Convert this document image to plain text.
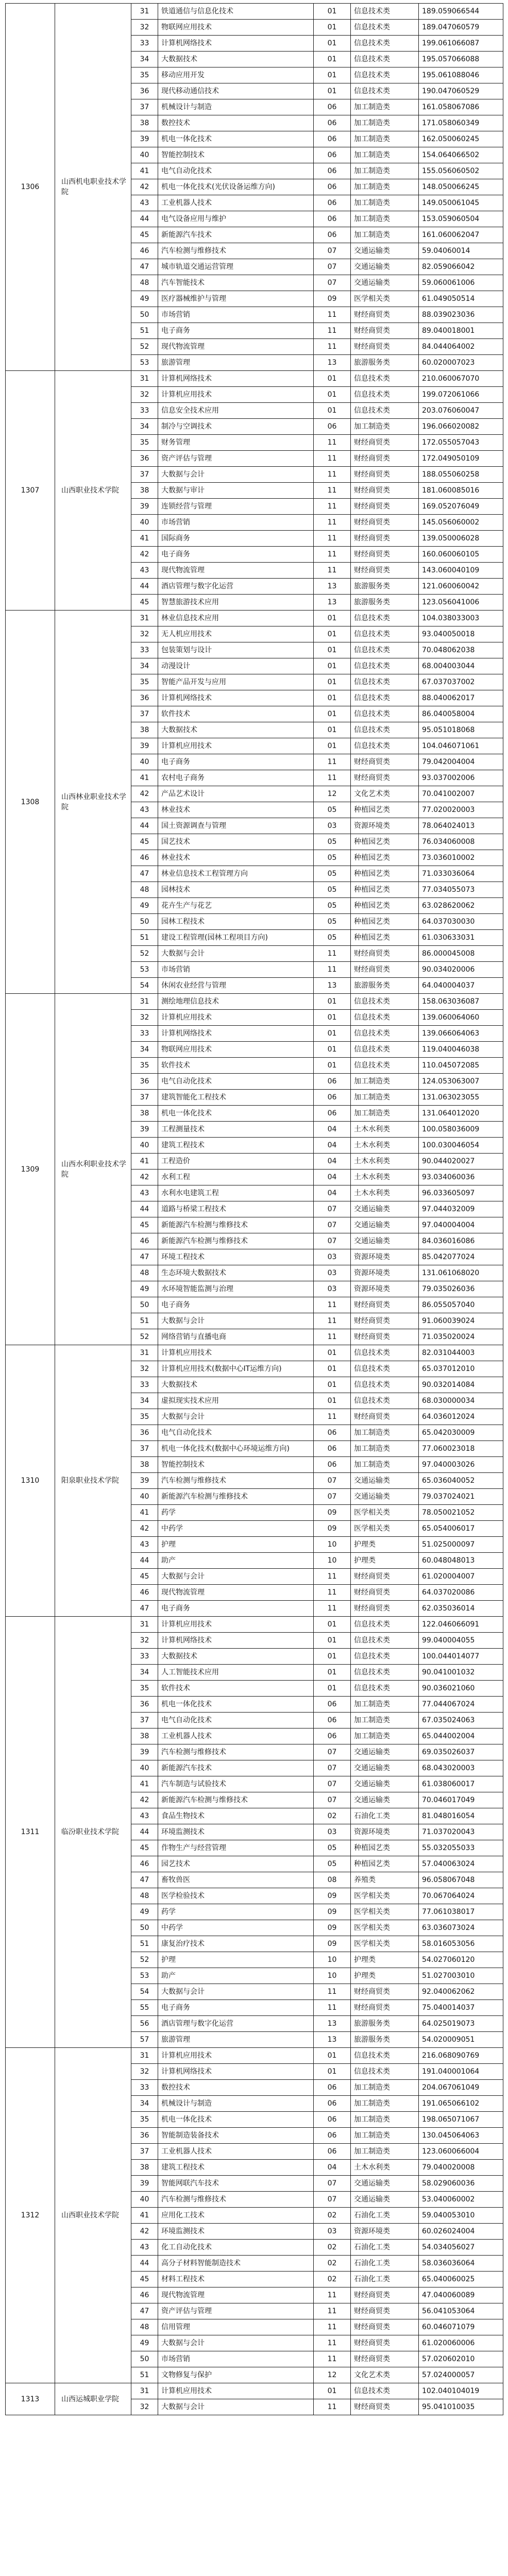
1306	山西机电职业技术学院	31	铁道通信与信息化技术	01	信息技术类	189.059066544
		32	物联网应用技术	01	信息技术类	189.047060579
		33	计算机网络技术	01	信息技术类	199.061066087
		34	大数据技术	01	信息技术类	195.057066088
		35	移动应用开发	01	信息技术类	195.061088046
		36	现代移动通信技术	01	信息技术类	190.047060529
		37	机械设计与制造	06	加工制造类	161.058067086
		38	数控技术	06	加工制造类	171.058060349
		39	机电一体化技术	06	加工制造类	162.050060245
		40	智能控制技术	06	加工制造类	154.064066502
		41	电气自动化技术	06	加工制造类	155.056060502
		42	机电一体化技术(光伏设备运维方向)	06	加工制造类	148.050066245
		43	工业机器人技术	06	加工制造类	149.050061045
		44	电气设备应用与维护	06	加工制造类	153.059060504
		45	新能源汽车技术	06	加工制造类	161.060062047
		46	汽车检测与维修技术	07	交通运输类	59.04060014
		47	城市轨道交通运营管理	07	交通运输类	82.059066042
		48	汽车智能技术	07	交通运输类	59.060061006
		49	医疗器械维护与管理	09	医学相关类	61.049050514
		50	市场营销	11	财经商贸类	88.039023036
		51	电子商务	11	财经商贸类	89.040018001
		52	现代物流管理	11	财经商贸类	84.044064002
		53	旅游管理	13	旅游服务类	60.020007023
1307	山西职业技术学院	31	计算机网络技术	01	信息技术类	210.060067070
		32	计算机应用技术	01	信息技术类	199.072061066
		33	信息安全技术应用	01	信息技术类	203.076060047
		34	制冷与空调技术	06	加工制造类	196.066020082
		35	财务管理	11	财经商贸类	172.055057043
		36	资产评估与管理	11	财经商贸类	172.049050109
		37	大数据与会计	11	财经商贸类	188.055060258
		38	大数据与审计	11	财经商贸类	181.060085016
		39	连锁经营与管理	11	财经商贸类	169.052076049
		40	市场营销	11	财经商贸类	145.056060002
		41	国际商务	11	财经商贸类	139.050006028
		42	电子商务	11	财经商贸类	160.060060105
		43	现代物流管理	11	财经商贸类	143.060040109
		44	酒店管理与数字化运营	13	旅游服务类	121.060060042
		45	智慧旅游技术应用	13	旅游服务类	123.056041006
1308	山西林业职业技术学院	31	林业信息技术应用	01	信息技术类	104.038033003
		32	无人机应用技术	01	信息技术类	93.040050018
		33	包装策划与设计	01	信息技术类	70.048062038
		34	动漫设计	01	信息技术类	68.004003044
		35	智能产品开发与应用	01	信息技术类	67.037037002
		36	计算机网络技术	01	信息技术类	88.040062017
		37	软件技术	01	信息技术类	86.040058004
		38	大数据技术	01	信息技术类	95.051018068
		39	计算机应用技术	01	信息技术类	104.046071061
		40	电子商务	11	财经商贸类	79.042004004
		41	农村电子商务	11	财经商贸类	93.037002006
		42	产品艺术设计	12	文化艺术类	70.041002007
		43	林业技术	05	种植园艺类	77.020020003
		44	国土资源调查与管理	03	资源环境类	78.064024013
		45	国艺技术	05	种植园艺类	76.034060008
		46	林业技术	05	种植园艺类	73.036010002
		47	林业信息技术工程管理方向	05	种植园艺类	71.033036064
		48	园林技术	05	种植园艺类	77.034055073
		49	花卉生产与花艺	05	种植园艺类	63.028620062
		50	园林工程技术	05	种植园艺类	64.037030030
		51	建设工程管理(园林工程项目方向)	05	种植园艺类	61.030633031
		52	大数据与会计	11	财经商贸类	86.000045008
		53	市场营销	11	财经商贸类	90.034020006
		54	休闲农业经营与管理	13	旅游服务类	64.040004037
1309	山西水利职业技术学院	31	测绘地理信息技术	01	信息技术类	158.063036087
		32	计算机应用技术	01	信息技术类	139.060064060
		33	计算机网络技术	01	信息技术类	139.066064063
		34	物联网应用技术	01	信息技术类	119.040046038
		35	软件技术	01	信息技术类	110.045072085
		36	电气自动化技术	06	加工制造类	124.053063007
		37	建筑智能化工程技术	06	加工制造类	131.063023055
		38	机电一体化技术	06	加工制造类	131.064012020
		39	工程测量技术	04	土木水利类	100.058036009
		40	建筑工程技术	04	土木水利类	100.030046054
		41	工程造价	04	土木水利类	90.044020027
		42	水利工程	04	土木水利类	93.034060036
		43	水利水电建筑工程	04	土木水利类	96.033605097
		44	道路与桥梁工程技术	07	交通运输类	97.044032009
		45	新能源汽车检测与维修技术	07	交通运输类	97.040004004
		46	新能源汽车检测与维修技术	07	交通运输类	84.036016086
		47	环境工程技术	03	资源环境类	85.042077024
		48	生态环境大数据技术	03	资源环境类	131.061068020
		49	水环境智能监测与治理	03	资源环境类	79.035026036
		50	电子商务	11	财经商贸类	86.055057040
		51	大数据与会计	11	财经商贸类	91.060039024
		52	网络营销与直播电商	11	财经商贸类	71.035020024
1310	阳泉职业技术学院	31	计算机应用技术	01	信息技术类	82.031044003
		32	计算机应用技术(数据中心IT运维方向)	01	信息技术类	65.037012010
		33	大数据技术	01	信息技术类	90.032014084
		34	虚拟现实技术应用	01	信息技术类	68.030000034
		35	大数据与会计	11	财经商贸类	64.036012024
		36	电气自动化技术	06	加工制造类	65.042030009
		37	机电一体化技术(数据中心环境运维方向)	06	加工制造类	77.060023018
		38	智能控制技术	06	加工制造类	97.040003026
		39	汽车检测与维修技术	07	交通运输类	65.036040052
		40	新能源汽车检测与维修技术	07	交通运输类	79.037024021
		41	药学	09	医学相关类	78.050021052
		42	中药学	09	医学相关类	65.054006017
		43	护理	10	护理类	51.025000097
		44	助产	10	护理类	60.048048013
		45	大数据与会计	11	财经商贸类	61.020004007
		46	现代物流管理	11	财经商贸类	64.037020086
		47	电子商务	11	财经商贸类	62.035036014
1311	临汾职业技术学院	31	计算机应用技术	01	信息技术类	122.046066091
		32	计算机网络技术	01	信息技术类	99.040004055
		33	大数据技术	01	信息技术类	100.044014077
		34	人工智能技术应用	01	信息技术类	90.041001032
		35	软件技术	01	信息技术类	90.036021060
		36	机电一体化技术	06	加工制造类	77.044067024
		37	电气自动化技术	06	加工制造类	67.035024063
		38	工业机器人技术	06	加工制造类	65.044002004
		39	汽车检测与维修技术	07	交通运输类	69.035026037
		40	新能源汽车技术	07	交通运输类	68.043020003
		41	汽车制造与试验技术	07	交通运输类	61.038060017
		42	新能源汽车检测与维修技术	07	交通运输类	70.046017049
		43	食品生物技术	02	石油化工类	81.048016054
		44	环境监测技术	03	资源环境类	71.037020043
		45	作物生产与经营管理	05	种植园艺类	55.032055033
		46	园艺技术	05	种植园艺类	57.040063024
		47	畜牧兽医	08	养殖类	96.058067048
		48	医学检验技术	09	医学相关类	70.067064024
		49	药学	09	医学相关类	77.061038017
		50	中药学	09	医学相关类	63.036073024
		51	康复治疗技术	09	医学相关类	58.016053056
		52	护理	10	护理类	54.027060120
		53	助产	10	护理类	51.027003010
		54	大数据与会计	11	财经商贸类	92.040062062
		55	电子商务	11	财经商贸类	75.040014037
		56	酒店管理与数字化运营	13	旅游服务类	64.025019073
		57	旅游管理	13	旅游服务类	54.020009051
1312	山西职业技术学院	31	计算机应用技术	01	信息技术类	216.068090769
		32	计算机网络技术	01	信息技术类	191.040001064
		33	数控技术	06	加工制造类	204.067061049
		34	机械设计与制造	06	加工制造类	191.065066102
		35	机电一体化技术	06	加工制造类	198.065071067
		36	智能制造装备技术	06	加工制造类	130.045064063
		37	工业机器人技术	06	加工制造类	123.060066004
		38	建筑工程技术	04	土木水利类	79.040020008
		39	智能网联汽车技术	07	交通运输类	58.029060036
		40	汽车检测与维修技术	07	交通运输类	53.040060002
		41	应用化工技术	02	石油化工类	59.040053010
		42	环境监测技术	03	资源环境类	60.026024004
		43	化工自动化技术	02	石油化工类	54.034056027
		44	高分子材料智能制造技术	02	石油化工类	58.036036064
		45	材料工程技术	02	石油化工类	65.040060025
		46	现代物流管理	11	财经商贸类	47.040060089
		47	资产评估与管理	11	财经商贸类	56.041053064
		48	信用管理	11	财经商贸类	60.046071079
		49	大数据与会计	11	财经商贸类	61.020060006
		50	市场营销	11	财经商贸类	57.020602010
		51	文物修复与保护	12	文化艺术类	57.024000057
1313	山西运城职业学院	31	计算机应用技术	01	信息技术类	102.040104019
		32	大数据与会计	11	财经商贸类	95.041010035
